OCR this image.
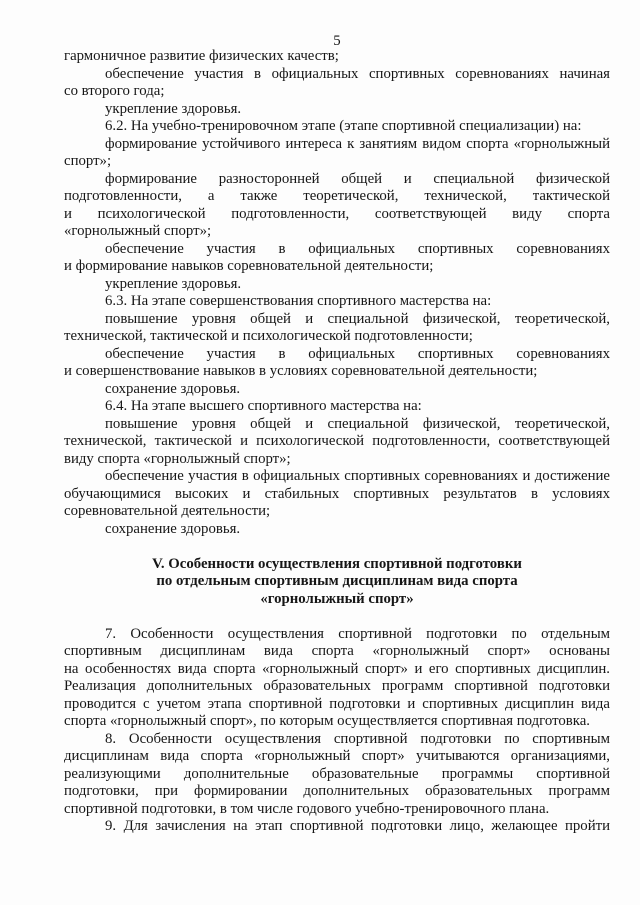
5
гармоничное развитие физических качеств;
обеспечение участия в официальных спортивных соревнованиях начиная
со второго года;
укрепление здоровья.
6.2. На учебно-тренировочном этапе (этапе спортивной специализации) на:
формирование устойчивого интереса к занятиям видом спорта «горнолыжный
спорт»;
формирование разносторонней общей и специальной физической
подготовленности, а также теоретической, технической, тактической
и психологической подготовленности, соответствующей виду спорта
«горнолыжный спорт»;
обеспечение участия в официальных спортивных соревнованиях
и формирование навыков соревновательной деятельности;
укрепление здоровья.
6.3. На этапе совершенствования спортивного мастерства на:
повышение уровня общей и специальной физической, теоретической,
технической, тактической и психологической подготовленности;
обеспечение участия в официальных спортивных соревнованиях
и совершенствование навыков в условиях соревновательной деятельности;
сохранение здоровья.
6.4. На этапе высшего спортивного мастерства на:
повышение уровня общей и специальной физической, теоретической,
технической, тактической и психологической подготовленности, соответствующей
виду спорта «горнолыжный спорт»;
обеспечение участия в официальных спортивных соревнованиях и достижение
обучающимися высоких и стабильных спортивных результатов в условиях
соревновательной деятельности;
сохранение здоровья.
V. Особенности осуществления спортивной подготовки
по отдельным спортивным дисциплинам вида спорта
«горнолыжный спорт»
7. Особенности осуществления спортивной подготовки по отдельным
спортивным дисциплинам вида спорта «горнолыжный спорт» основаны
на особенностях вида спорта «горнолыжный спорт» и его спортивных дисциплин.
Реализация дополнительных образовательных программ спортивной подготовки
проводится с учетом этапа спортивной подготовки и спортивных дисциплин вида
спорта «горнолыжный спорт», по которым осуществляется спортивная подготовка.
8. Особенности осуществления спортивной подготовки по спортивным
дисциплинам вида спорта «горнолыжный спорт» учитываются организациями,
реализующими дополнительные образовательные программы спортивной
подготовки, при формировании дополнительных образовательных программ
спортивной подготовки, в том числе годового учебно-тренировочного плана.
9. Для зачисления на этап спортивной подготовки лицо, желающее пройти
